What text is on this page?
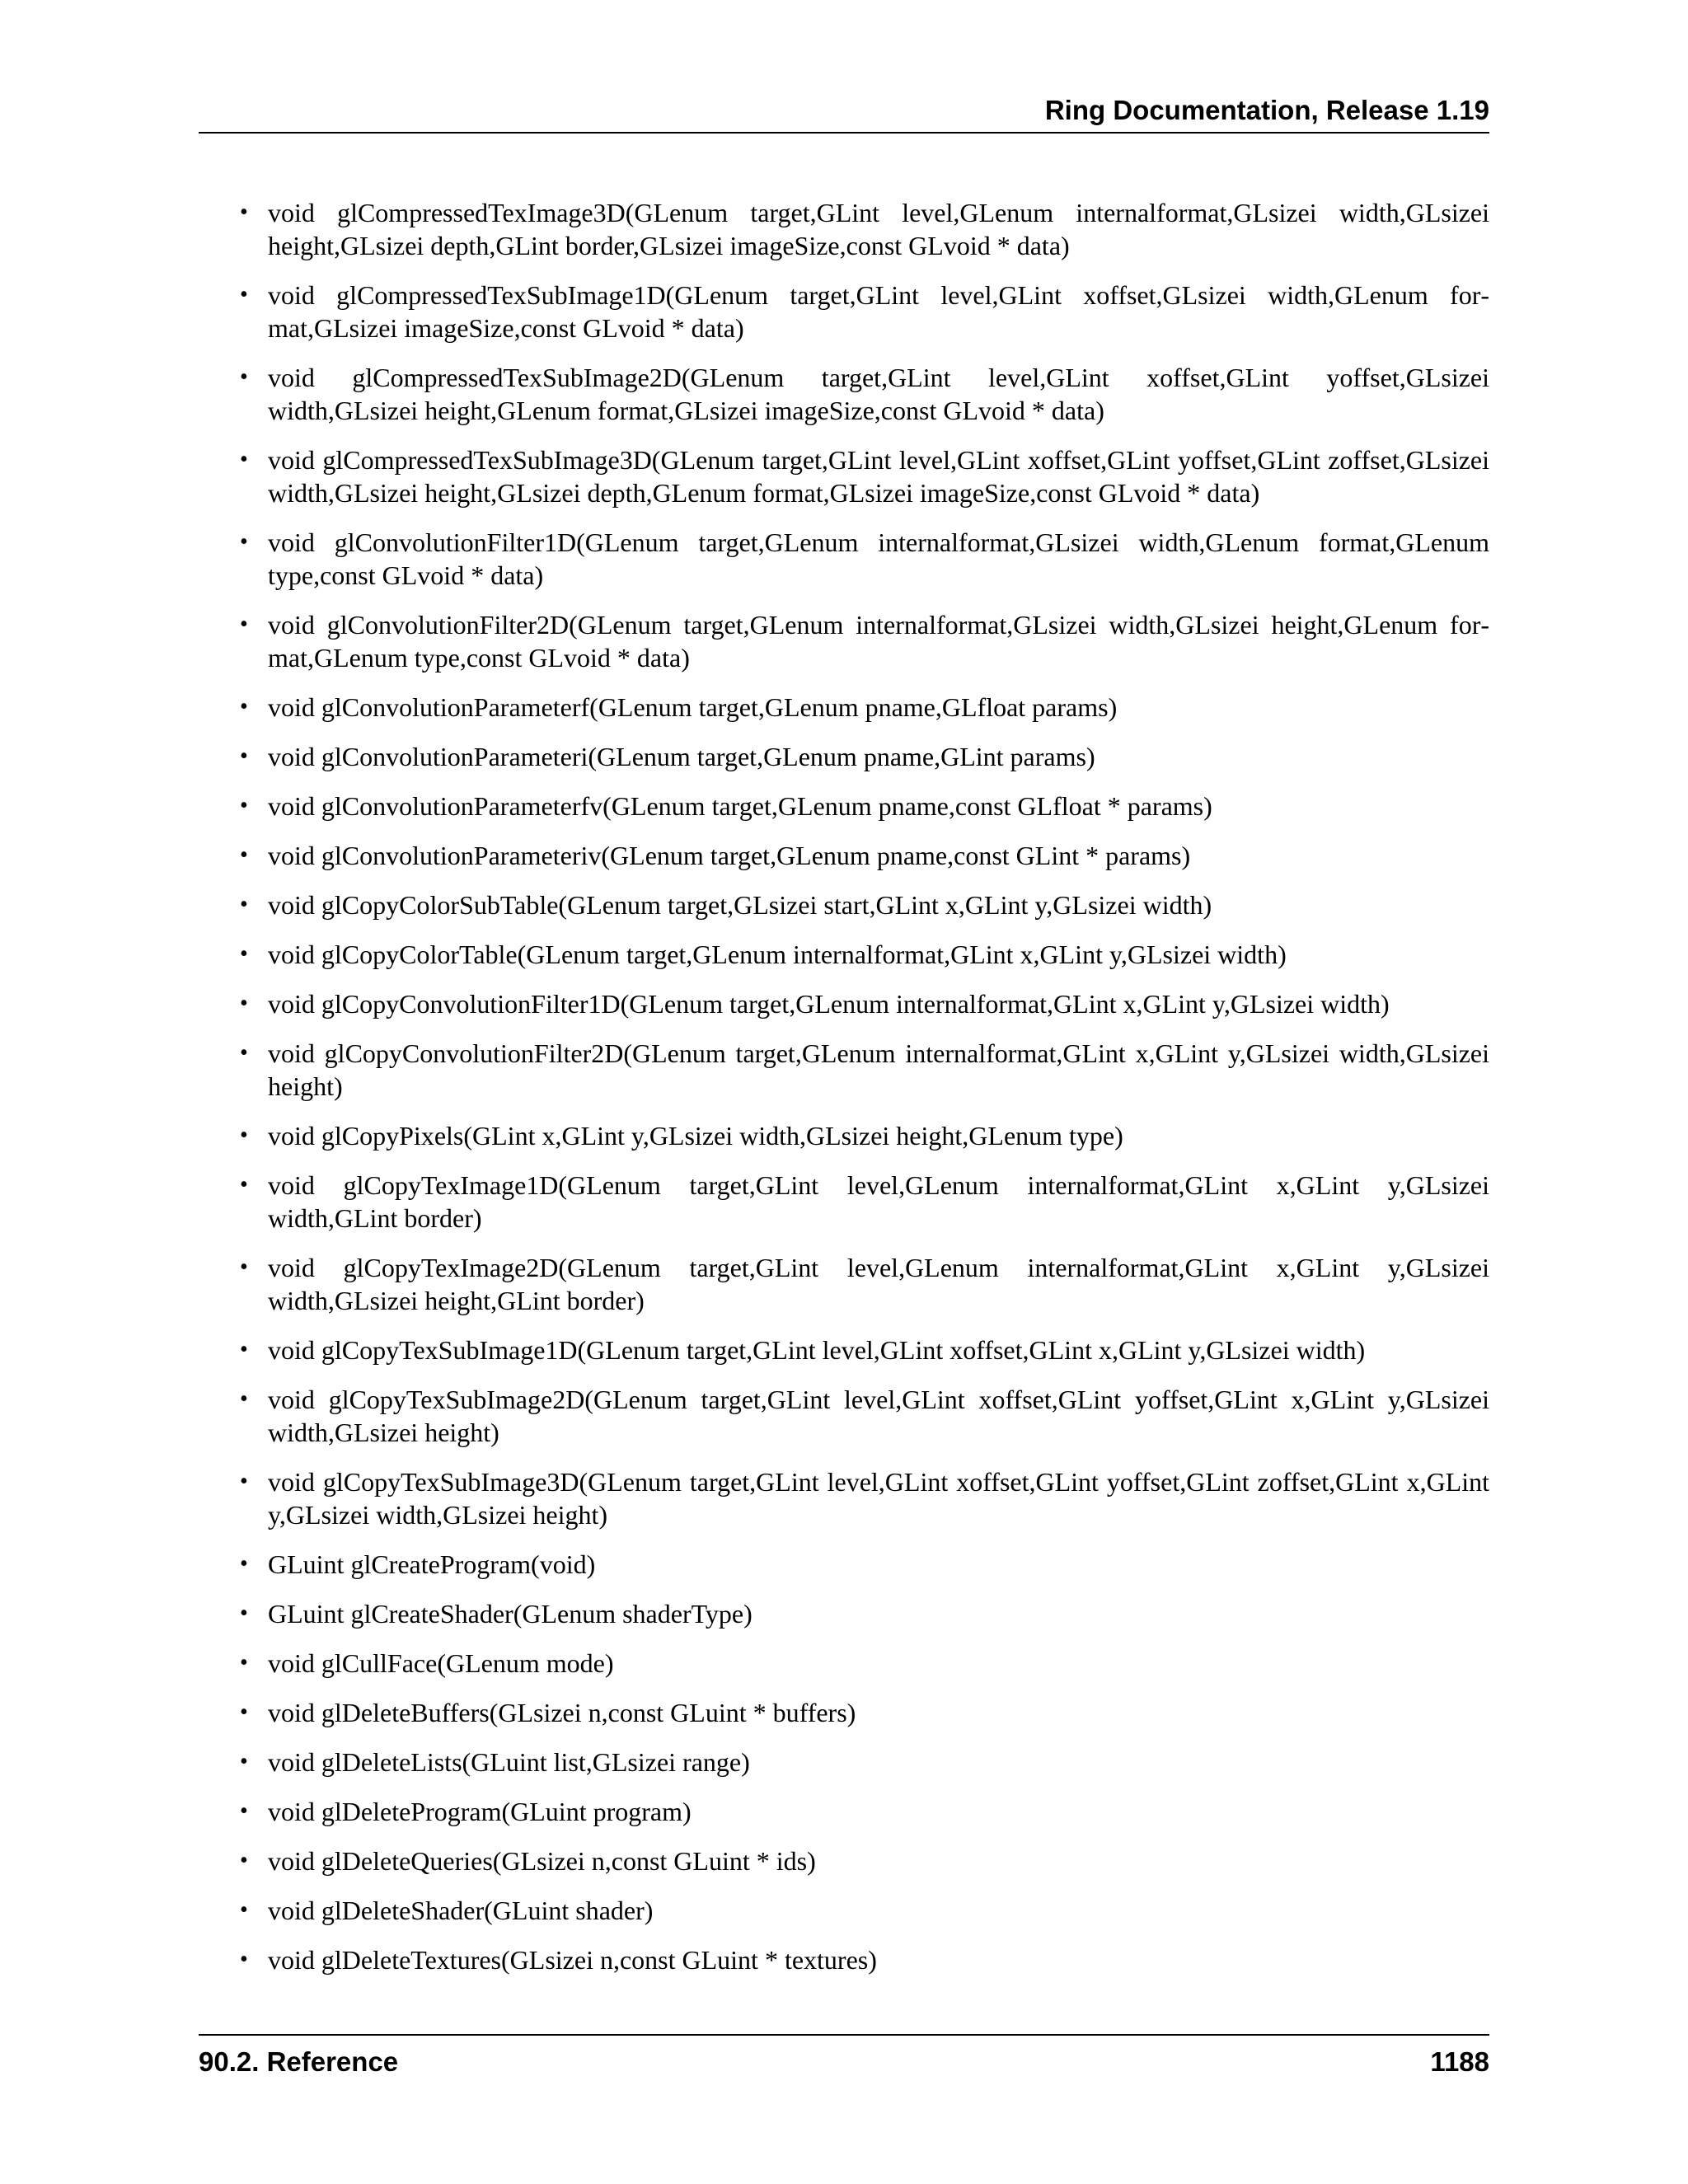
Ring Documentation, Release 1.19
• void glCompressedTexImage3D(GLenum target,GLint level,GLenum internalformat,GLsizei width,GLsizei height,GLsizei depth,GLint border,GLsizei imageSize,const GLvoid * data)
• void glCompressedTexSubImage1D(GLenum target,GLint level,GLint xoffset,GLsizei width,GLenum format,GLsizei imageSize,const GLvoid * data)
• void glCompressedTexSubImage2D(GLenum target,GLint level,GLint xoffset,GLint yoffset,GLsizei width,GLsizei height,GLenum format,GLsizei imageSize,const GLvoid * data)
• void glCompressedTexSubImage3D(GLenum target,GLint level,GLint xoffset,GLint yoffset,GLint zoffset,GLsizei width,GLsizei height,GLsizei depth,GLenum format,GLsizei imageSize,const GLvoid * data)
• void glConvolutionFilter1D(GLenum target,GLenum internalformat,GLsizei width,GLenum format,GLenum type,const GLvoid * data)
• void glConvolutionFilter2D(GLenum target,GLenum internalformat,GLsizei width,GLsizei height,GLenum format,GLenum type,const GLvoid * data)
• void glConvolutionParameterf(GLenum target,GLenum pname,GLfloat params)
• void glConvolutionParameteri(GLenum target,GLenum pname,GLint params)
• void glConvolutionParameterfv(GLenum target,GLenum pname,const GLfloat * params)
• void glConvolutionParameteriv(GLenum target,GLenum pname,const GLint * params)
• void glCopyColorSubTable(GLenum target,GLsizei start,GLint x,GLint y,GLsizei width)
• void glCopyColorTable(GLenum target,GLenum internalformat,GLint x,GLint y,GLsizei width)
• void glCopyConvolutionFilter1D(GLenum target,GLenum internalformat,GLint x,GLint y,GLsizei width)
• void glCopyConvolutionFilter2D(GLenum target,GLenum internalformat,GLint x,GLint y,GLsizei width,GLsizei height)
• void glCopyPixels(GLint x,GLint y,GLsizei width,GLsizei height,GLenum type)
• void glCopyTexImage1D(GLenum target,GLint level,GLenum internalformat,GLint x,GLint y,GLsizei width,GLint border)
• void glCopyTexImage2D(GLenum target,GLint level,GLenum internalformat,GLint x,GLint y,GLsizei width,GLsizei height,GLint border)
• void glCopyTexSubImage1D(GLenum target,GLint level,GLint xoffset,GLint x,GLint y,GLsizei width)
• void glCopyTexSubImage2D(GLenum target,GLint level,GLint xoffset,GLint yoffset,GLint x,GLint y,GLsizei width,GLsizei height)
• void glCopyTexSubImage3D(GLenum target,GLint level,GLint xoffset,GLint yoffset,GLint zoffset,GLint x,GLint y,GLsizei width,GLsizei height)
• GLuint glCreateProgram(void)
• GLuint glCreateShader(GLenum shaderType)
• void glCullFace(GLenum mode)
• void glDeleteBuffers(GLsizei n,const GLuint * buffers)
• void glDeleteLists(GLuint list,GLsizei range)
• void glDeleteProgram(GLuint program)
• void glDeleteQueries(GLsizei n,const GLuint * ids)
• void glDeleteShader(GLuint shader)
• void glDeleteTextures(GLsizei n,const GLuint * textures)
90.2. Reference	1188
